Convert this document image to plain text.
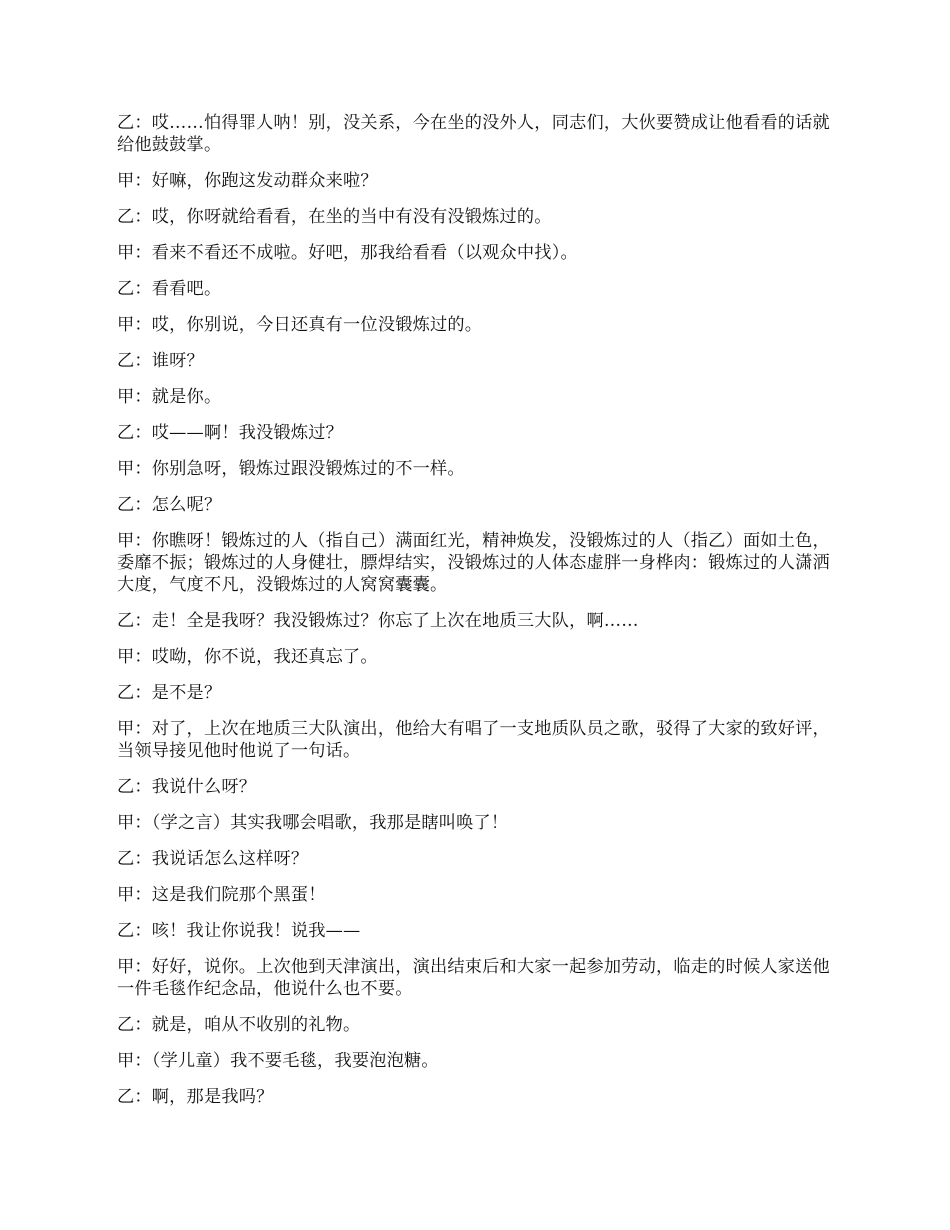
乙：哎……怕得罪人呐！别，没关系，今在坐的没外人，同志们，大伙要赞成让他看看的话就给他鼓鼓掌。

甲：好嘛，你跑这发动群众来啦？

乙：哎，你呀就给看看，在坐的当中有没有没锻炼过的。

甲：看来不看还不成啦。好吧，那我给看看（以观众中找）。

乙：看看吧。

甲：哎，你别说，今日还真有一位没锻炼过的。

乙：谁呀？

甲：就是你。

乙：哎——啊！我没锻炼过？

甲：你别急呀，锻炼过跟没锻炼过的不一样。

乙：怎么呢？

甲：你瞧呀！锻炼过的人（指自己）满面红光，精神焕发，没锻炼过的人（指乙）面如土色，委靡不振；锻炼过的人身健壮，膘焊结实，没锻炼过的人体态虚胖一身桦肉：锻炼过的人潇洒大度，气度不凡，没锻炼过的人窝窝囊囊。

乙：走！全是我呀？我没锻炼过？你忘了上次在地质三大队，啊……

甲：哎呦，你不说，我还真忘了。

乙：是不是？

甲：对了，上次在地质三大队演出，他给大有唱了一支地质队员之歌，驳得了大家的致好评，当领导接见他时他说了一句话。

乙：我说什么呀？

甲：（学之言）其实我哪会唱歌，我那是瞎叫唤了！

乙：我说话怎么这样呀？

甲：这是我们院那个黑蛋！

乙：咳！我让你说我！说我——

甲：好好，说你。上次他到天津演出，演出结束后和大家一起参加劳动，临走的时候人家送他一件毛毯作纪念品，他说什么也不要。

乙：就是，咱从不收别的礼物。

甲：（学儿童）我不要毛毯，我要泡泡糖。

乙：啊，那是我吗？
